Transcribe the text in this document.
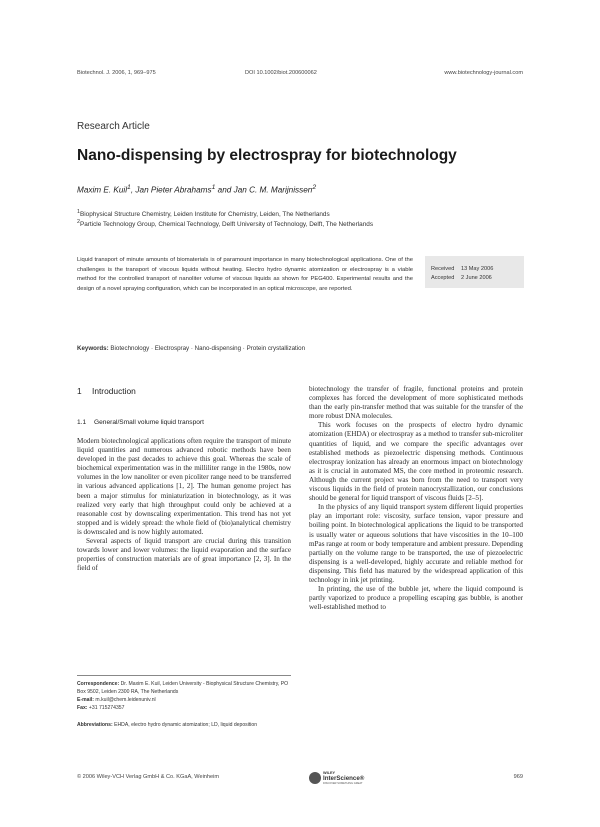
Biotechnol. J. 2006, 1, 969–975	DOI 10.1002/biot.200600062	www.biotechnology-journal.com
Research Article
Nano-dispensing by electrospray for biotechnology
Maxim E. Kuil$^1$, Jan Pieter Abrahams$^1$ and Jan C. M. Marijnissen$^2$
$^1$Biophysical Structure Chemistry, Leiden Institute for Chemistry, Leiden, The Netherlands
$^2$Particle Technology Group, Chemical Technology, Delft University of Technology, Delft, The Netherlands

Liquid transport of minute amounts of biomaterials is of paramount importance in many biotechnological applications. One of the challenges is the transport of viscous liquids without heating. Electro hydro dynamic atomization or electrospray is a viable method for the controlled transport of nanoliter volume of viscous liquids as shown for PEG400. Experimental results and the design of a novel spraying configuration, which can be incorporated in an optical microscope, are reported.

Received 13 May 2006
Accepted 2 June 2006
Keywords: Biotechnology · Electrospray · Nano-dispensing · Protein crystallization
1 Introduction
1.1 General/Small volume liquid transport

Modern biotechnological applications often require the transport of minute liquid quantities and numerous advanced robotic methods have been developed in the past decades to achieve this goal. Whereas the scale of biochemical experimentation was in the milliliter range in the 1980s, now volumes in the low nanoliter or even picoliter range need to be transferred in various advanced applications [1, 2]. The human genome project has been a major stimulus for miniaturization in biotechnology, as it was realized very early that high throughput could only be achieved at a reasonable cost by downscaling experimentation. This trend has not yet stopped and is widely spread: the whole field of (bio)analytical chemistry is downscaled and is now highly automated.

Several aspects of liquid transport are crucial during this transition towards lower and lower volumes: the liquid evaporation and the surface properties of construction materials are of great importance [2, 3]. In the field of

biotechnology the transfer of fragile, functional proteins and protein complexes has forced the development of more sophisticated methods than the early pin-transfer method that was suitable for the transfer of the more robust DNA molecules.

This work focuses on the prospects of electro hydro dynamic atomization (EHDA) or electrospray as a method to transfer sub-microliter quantities of liquid, and we compare the specific advantages over established methods as piezoelectric dispensing methods. Continuous electrospray ionization has already an enormous impact on biotechnology as it is crucial in automated MS, the core method in proteomic research. Although the current project was born from the need to transport very viscous liquids in the field of protein nanocrystallization, our conclusions should be general for liquid transport of viscous fluids [2–5].

In the physics of any liquid transport system different liquid properties play an important role: viscosity, surface tension, vapor pressure and boiling point. In biotechnological applications the liquid to be transported is usually water or aqueous solutions that have viscosities in the 10–100 mPas range at room or body temperature and ambient pressure. Depending partially on the volume range to be transported, the use of piezoelectric dispensing is a well-developed, highly accurate and reliable method for dispensing. This field has matured by the widespread application of this technology in ink jet printing.

In printing, the use of the bubble jet, where the liquid compound is partly vaporized to produce a propelling escaping gas bubble, is another well-established method to

Correspondence: Dr. Maxim E. Kuil, Leiden University - Biophysical Structure Chemistry, PO Box 9502, Leiden 2300 RA, The Netherlands
E-mail: m.kuil@chem.leidenuniv.nl
Fax: +31 715274357
Abbreviations: EHDA, electro hydro dynamic atomization; LD, liquid deposition
© 2006 Wiley-VCH Verlag GmbH & Co. KGaA, Weinheim
WILEY
InterScience®
DISCOVER SOMETHING GREAT
969
